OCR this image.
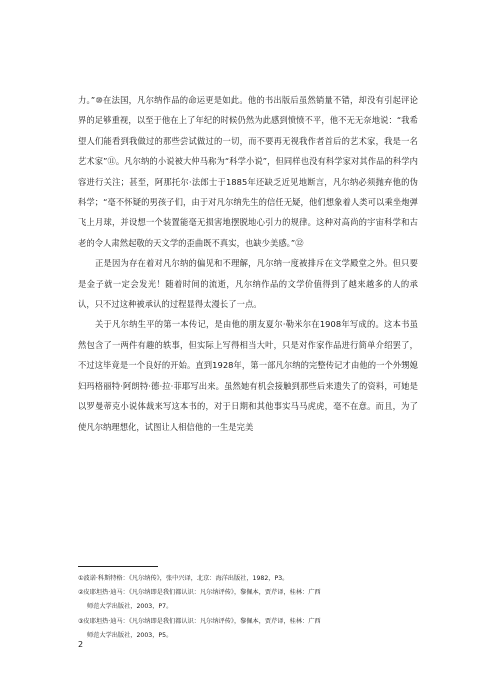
力。”⑩在法国，凡尔纳作品的命运更是如此。他的书出版后虽然销量不错，却没有引起评论界的足够重视，以至于他在上了年纪的时候仍然为此感到愤愤不平，他不无无奈地说：“我希望人们能看到我做过的那些尝试做过的一切，而不要再无视我作者首后的艺术家，我是一名艺术家”⑪。凡尔纳的小说被大仲马称为“科学小说”，但同样也没有科学家对其作品的科学内容进行关注；甚至，阿那托尔·法郎士于1885年还缺乏近见地断言，凡尔纳必须抛弃他的伪科学；“毫不怀疑的男孩子们，由于对凡尔纳先生的信任无疑，他们想象着人类可以乘坐炮弹飞上月球，并设想一个装置能毫无损害地摆脱地心引力的规律。这种对高尚的宇宙科学和古老的令人肃然起敬的天文学的歪曲既不真实，也缺少美感。”⑫

正是因为存在着对凡尔纳的偏见和不理解，凡尔纳一度被排斥在文学殿堂之外。但只要是金子就一定会发光！随着时间的流逝，凡尔纳作品的文学价值得到了越来越多的人的承认，只不过这种被承认的过程显得太漫长了一点。

关于凡尔纳生平的第一本传记，是由他的朋友夏尔·勒米尔在1908年写成的。这本书虽然包含了一两件有趣的轶事，但实际上写得相当大叶，只是对作家作品进行简单介绍罢了，不过这毕竟是一个良好的开始。直到1928年，第一部凡尔纳的完整传记才由他的一个外甥媳妇玛格丽特·阿朗特·德·拉·菲耶写出来。虽然她有机会接触到那些后来遗失了的资料，可她是以罗曼蒂克小说体裁来写这本书的，对于日期和其他事实马马虎虎，毫不在意。而且，为了使凡尔纳理想化，试图让人相信他的一生是完美

①波诺·科斯特格：《凡尔纳传》，张中兴译，北京：海洋出版社，1982，P3。

②皮耶坦热·迪马：《凡尔纳即是我们都认识：凡尔纳评传》，黎佩本，贾芹译，桂林：广西
师范大学出版社，2003，P7。

③皮耶坦热·迪马：《凡尔纳即是我们都认识：凡尔纳评传》，黎佩本，贾芹译，桂林：广西
师范大学出版社，2003，P5。

2
